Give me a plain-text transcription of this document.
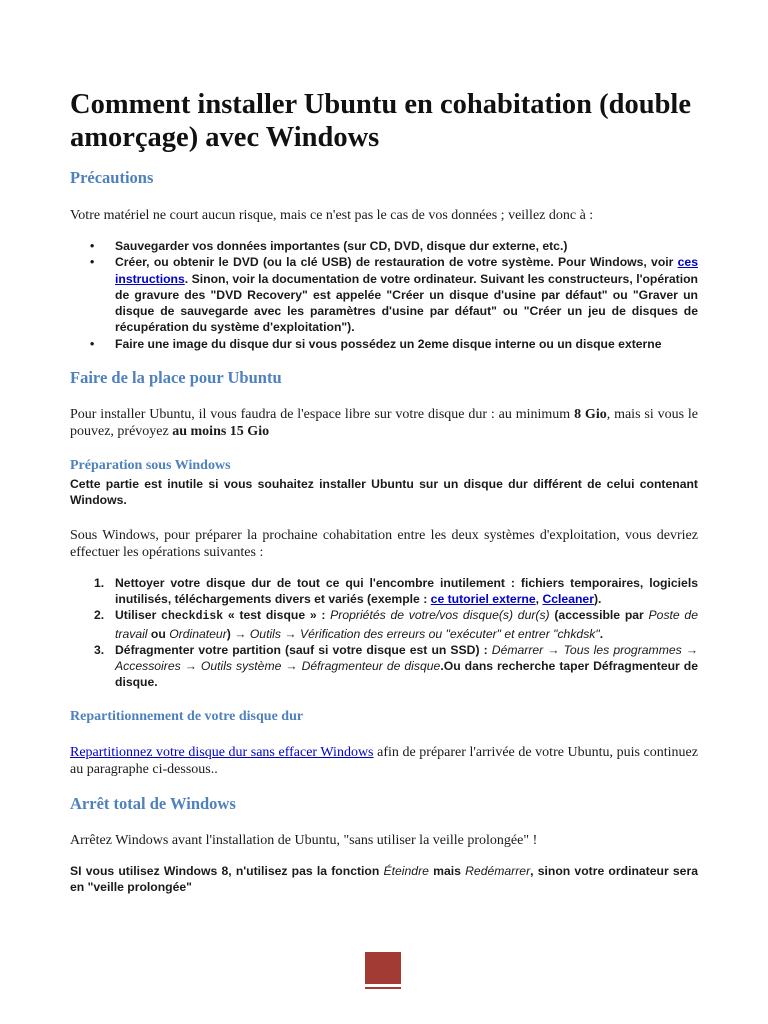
Comment installer Ubuntu en cohabitation (double amorçage) avec Windows
Précautions

Votre matériel ne court aucun risque, mais ce n'est pas le cas de vos données ; veillez donc à :

• Sauvegarder vos données importantes (sur CD, DVD, disque dur externe, etc.)
• Créer, ou obtenir le DVD (ou la clé USB) de restauration de votre système. Pour Windows, voir ces instructions. Sinon, voir la documentation de votre ordinateur. Suivant les constructeurs, l'opération de gravure des "DVD Recovery" est appelée "Créer un disque d'usine par défaut" ou "Graver un disque de sauvegarde avec les paramètres d'usine par défaut" ou "Créer un jeu de disques de récupération du système d'exploitation").
• Faire une image du disque dur si vous possédez un 2eme disque interne ou un disque externe
Faire de la place pour Ubuntu

Pour installer Ubuntu, il vous faudra de l'espace libre sur votre disque dur : au minimum 8 Gio, mais si vous le pouvez, prévoyez au moins 15 Gio

Préparation sous Windows

Cette partie est inutile si vous souhaitez installer Ubuntu sur un disque dur différent de celui contenant Windows.

Sous Windows, pour préparer la prochaine cohabitation entre les deux systèmes d'exploitation, vous devriez effectuer les opérations suivantes :

1. Nettoyer votre disque dur de tout ce qui l'encombre inutilement : fichiers temporaires, logiciels inutilisés, téléchargements divers et variés (exemple : ce tutoriel externe, Ccleaner).
2. Utiliser checkdisk « test disque » : Propriétés de votre/vos disque(s) dur(s) (accessible par Poste de travail ou Ordinateur) → Outils → Vérification des erreurs ou "exécuter" et entrer "chkdsk".
3. Défragmenter votre partition (sauf si votre disque est un SSD) : Démarrer → Tous les programmes → Accessoires → Outils système → Défragmenteur de disque.Ou dans recherche taper Défragmenteur de disque.
Repartitionnement de votre disque dur

Repartitionnez votre disque dur sans effacer Windows afin de préparer l'arrivée de votre Ubuntu, puis continuez au paragraphe ci-dessous..

Arrêt total de Windows

Arrêtez Windows avant l'installation de Ubuntu, "sans utiliser la veille prolongée" !

SI vous utilisez Windows 8, n'utilisez pas la fonction Éteindre mais Redémarrer, sinon votre ordinateur sera en "veille prolongée"
